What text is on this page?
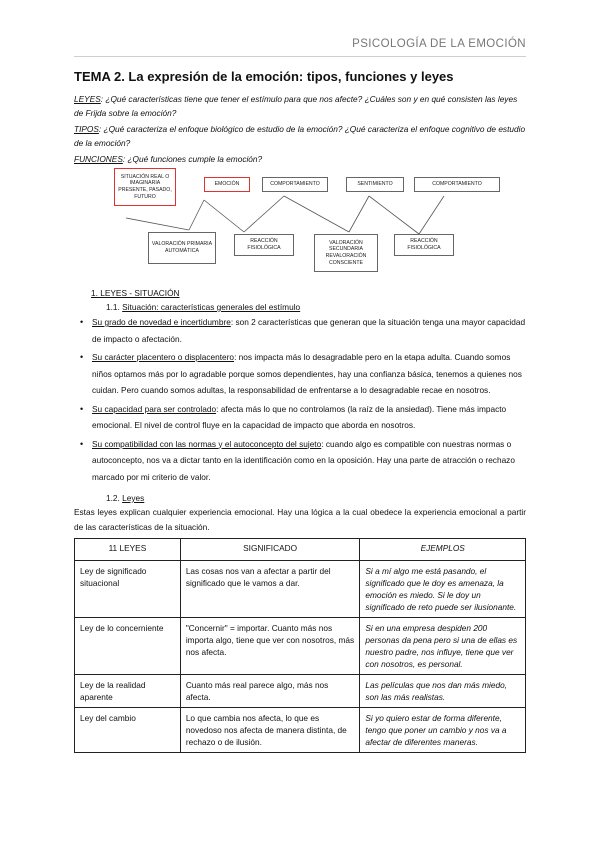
PSICOLOGÍA DE LA EMOCIÓN
TEMA 2. La expresión de la emoción: tipos, funciones y leyes
LEYES: ¿Qué características tiene que tener el estímulo para que nos afecte? ¿Cuáles son y en qué consisten las leyes de Frijda sobre la emoción?
TIPOS: ¿Qué caracteriza el enfoque biológico de estudio de la emoción? ¿Qué caracteriza el enfoque cognitivo de estudio de la emoción?
FUNCIONES: ¿Qué funciones cumple la emoción?
SITUACIÓN REAL O IMAGINARIA PRESENTE, PASADO, FUTURO
EMOCIÓN	COMPORTAMIENTO	SENTIMIENTO	COMPORTAMIENTO
VALORACIÓN PRIMARIA AUTOMÁTICA
REACCIÓN FISIOLÓGICA
VALORACIÓN SECUNDARIA REVALORACIÓN CONSCIENTE
REACCIÓN FISIOLÓGICA
1. LEYES - SITUACIÓN
1.1. Situación: características generales del estímulo
• Su grado de novedad e incertidumbre: son 2 características que generan que la situación tenga una mayor capacidad de impacto o afectación.
• Su carácter placentero o displacentero: nos impacta más lo desagradable pero en la etapa adulta. Cuando somos niños optamos más por lo agradable porque somos dependientes, hay una confianza básica, tenemos a quienes nos cuidan. Pero cuando somos adultas, la responsabilidad de enfrentarse a lo desagradable recae en nosotros.
• Su capacidad para ser controlado: afecta más lo que no controlamos (la raíz de la ansiedad). Tiene más impacto emocional. El nivel de control fluye en la capacidad de impacto que aborda en nosotros.
• Su compatibilidad con las normas y el autoconcepto del sujeto: cuando algo es compatible con nuestras normas o autoconcepto, nos va a dictar tanto en la identificación como en la oposición. Hay una parte de atracción o rechazo marcado por mi criterio de valor.
1.2. Leyes
Estas leyes explican cualquier experiencia emocional. Hay una lógica a la cual obedece la experiencia emocional a partir de las características de la situación.
11 LEYES	SIGNIFICADO	EJEMPLOS
Ley de significado situacional	Las cosas nos van a afectar a partir del significado que le vamos a dar.	Si a mí algo me está pasando, el significado que le doy es amenaza, la emoción es miedo. Si le doy un significado de reto puede ser ilusionante.
Ley de lo concerniente	"Concernir" = importar. Cuanto más nos importa algo, tiene que ver con nosotros, más nos afecta.	Si en una empresa despiden 200 personas da pena pero si una de ellas es nuestro padre, nos influye, tiene que ver con nosotros, es personal.
Ley de la realidad aparente	Cuanto más real parece algo, más nos afecta.	Las películas que nos dan más miedo, son las más realistas.
Ley del cambio	Lo que cambia nos afecta, lo que es novedoso nos afecta de manera distinta, de rechazo o de ilusión.	Si yo quiero estar de forma diferente, tengo que poner un cambio y nos va a afectar de diferentes maneras.
